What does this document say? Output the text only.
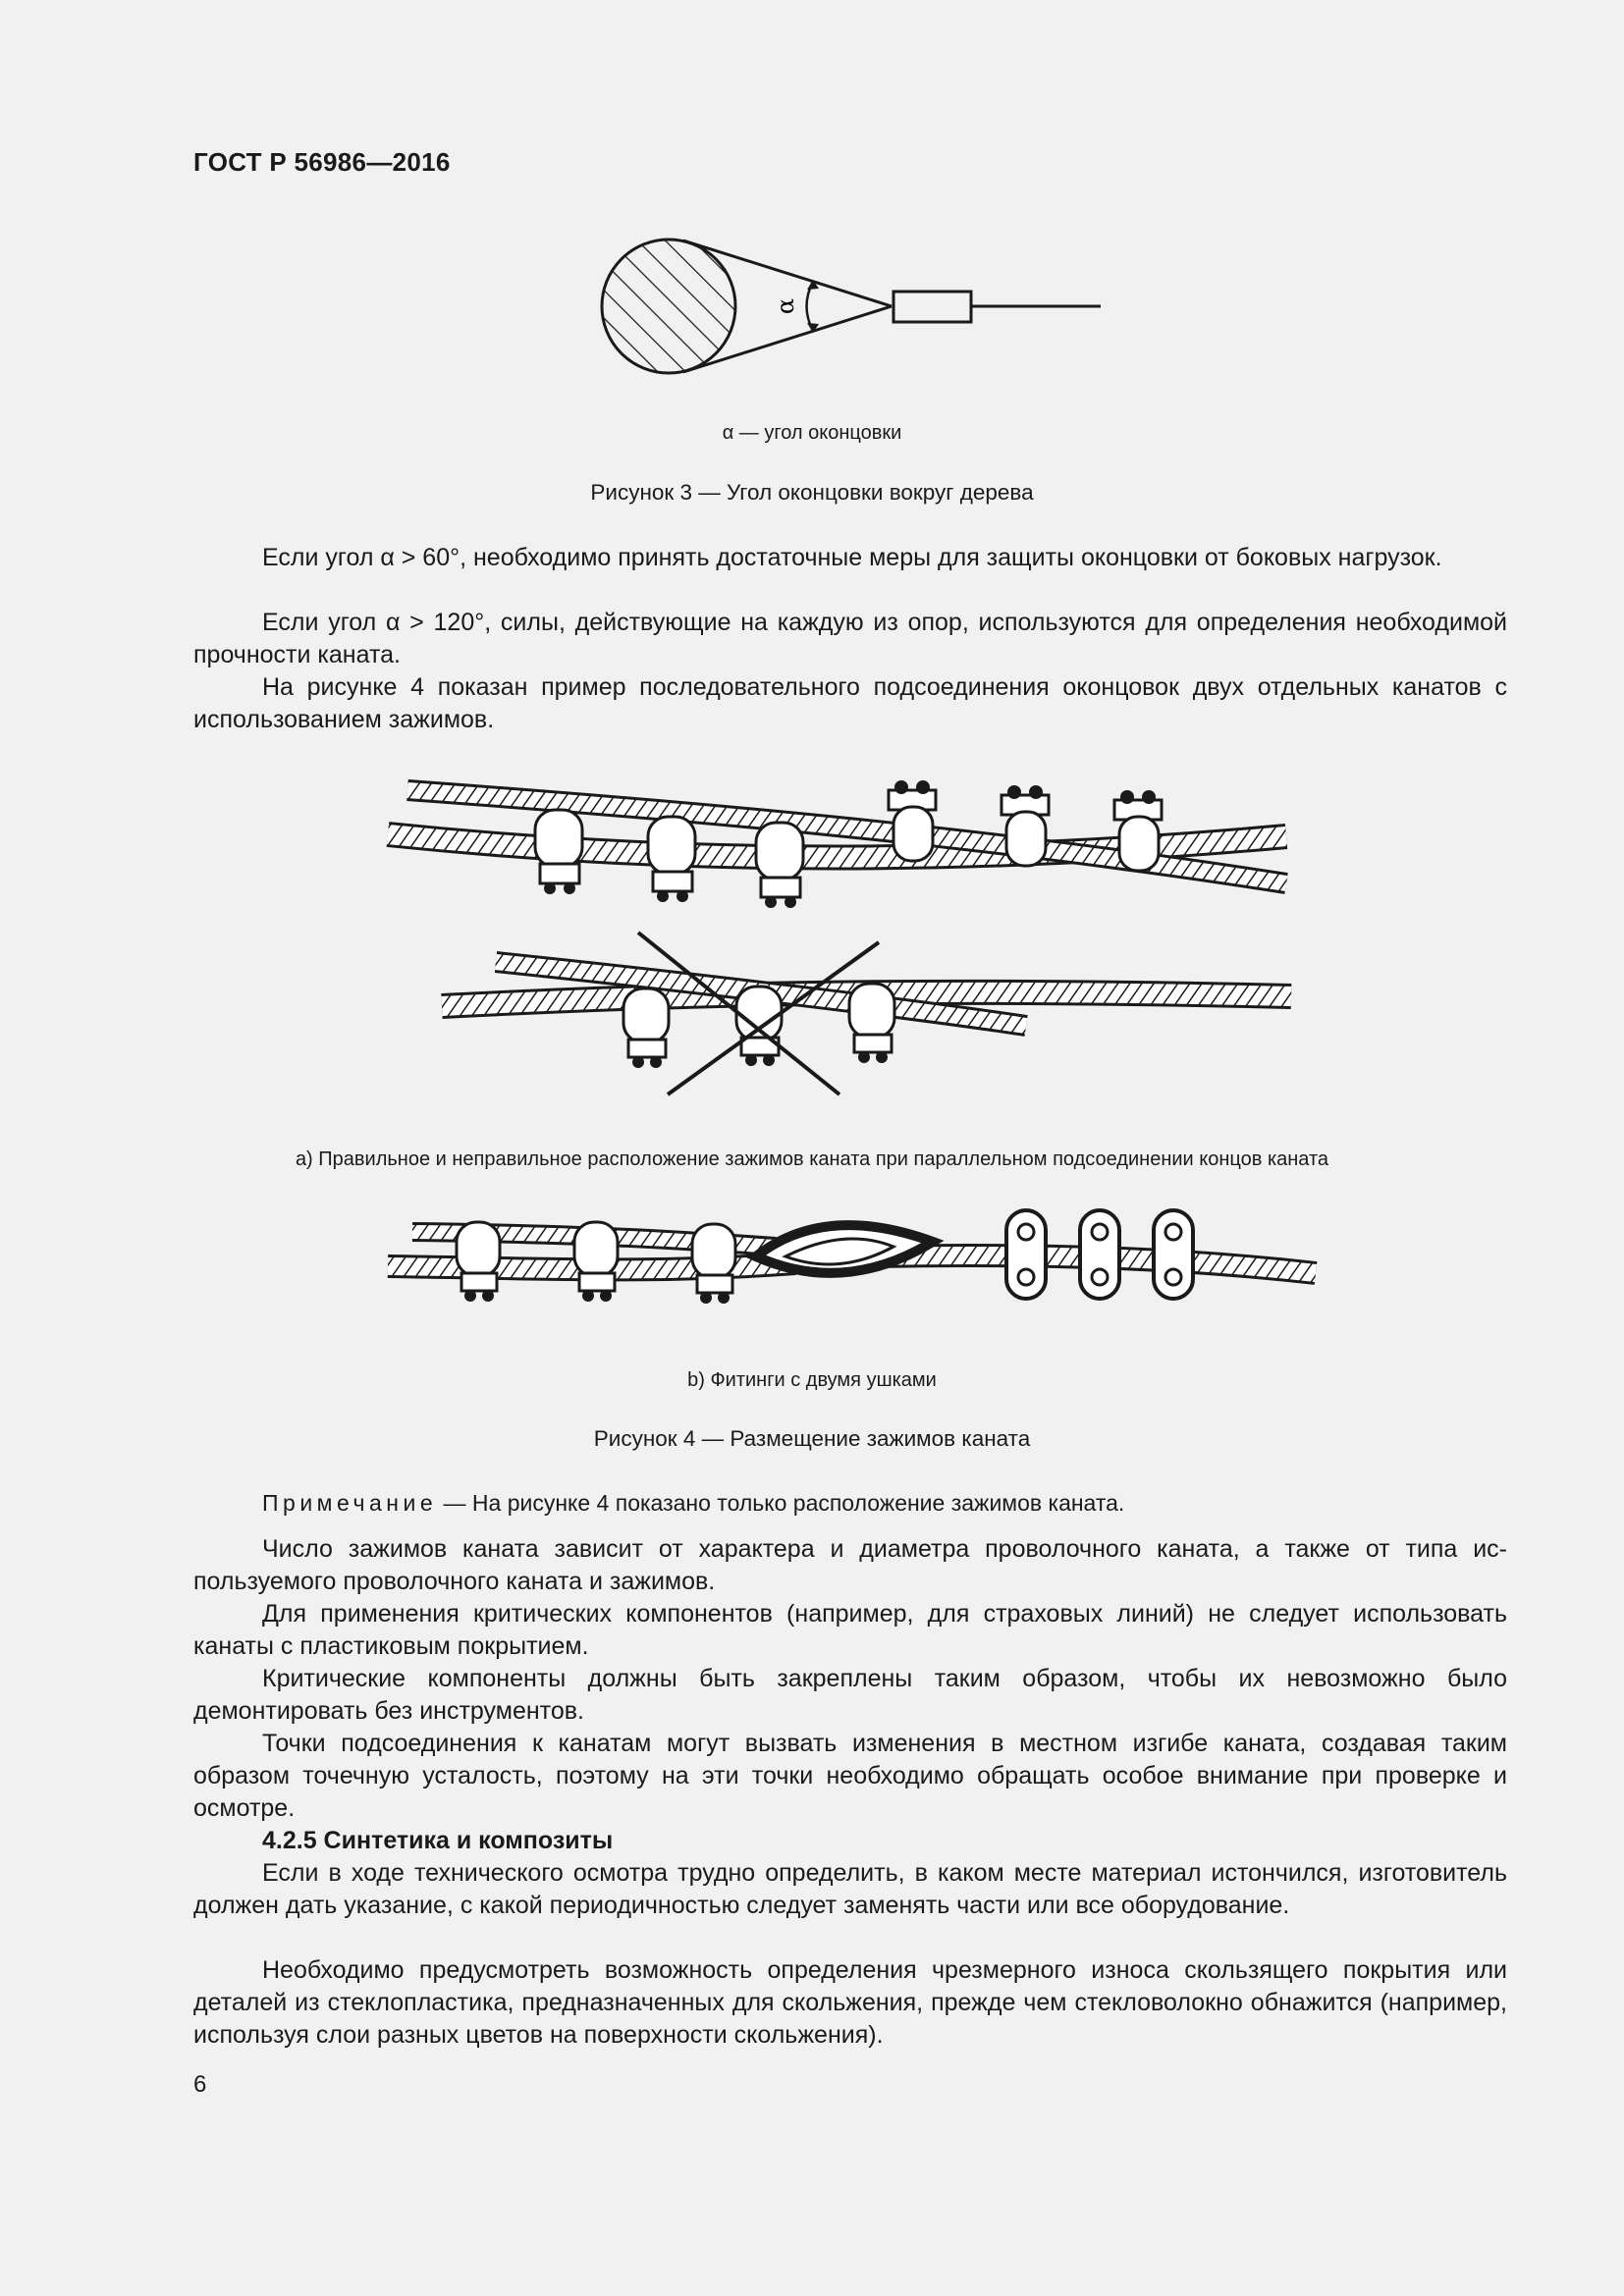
ГОСТ Р 56986—2016
α
α — угол оконцовки
Рисунок 3 — Угол оконцовки вокруг дерева
Если угол α > 60°, необходимо принять достаточные меры для защиты оконцовки от боковых нагрузок.
Если угол α > 120°, силы, действующие на каждую из опор, используются для определения необходимой прочности каната.
На рисунке 4 показан пример последовательного подсоединения оконцовок двух отдельных канатов с использованием зажимов.
а) Правильное и неправильное расположение зажимов каната при параллельном подсоединении концов каната
b) Фитинги с двумя ушками
Рисунок 4 — Размещение зажимов каната
Примечание — На рисунке 4 показано только расположение зажимов каната.
Число зажимов каната зависит от характера и диаметра проволочного каната, а также от типа используемого проволочного каната и зажимов.
Для применения критических компонентов (например, для страховых линий) не следует использовать канаты с пластиковым покрытием.
Критические компоненты должны быть закреплены таким образом, чтобы их невозможно было демонтировать без инструментов.
Точки подсоединения к канатам могут вызвать изменения в местном изгибе каната, создавая таким образом точечную усталость, поэтому на эти точки необходимо обращать особое внимание при проверке и осмотре.
4.2.5 Синтетика и композиты
Если в ходе технического осмотра трудно определить, в каком месте материал истончился, изготовитель должен дать указание, с какой периодичностью следует заменять части или все оборудование.
Необходимо предусмотреть возможность определения чрезмерного износа скользящего покрытия или деталей из стеклопластика, предназначенных для скольжения, прежде чем стекловолокно обнажится (например, используя слои разных цветов на поверхности скольжения).
6
